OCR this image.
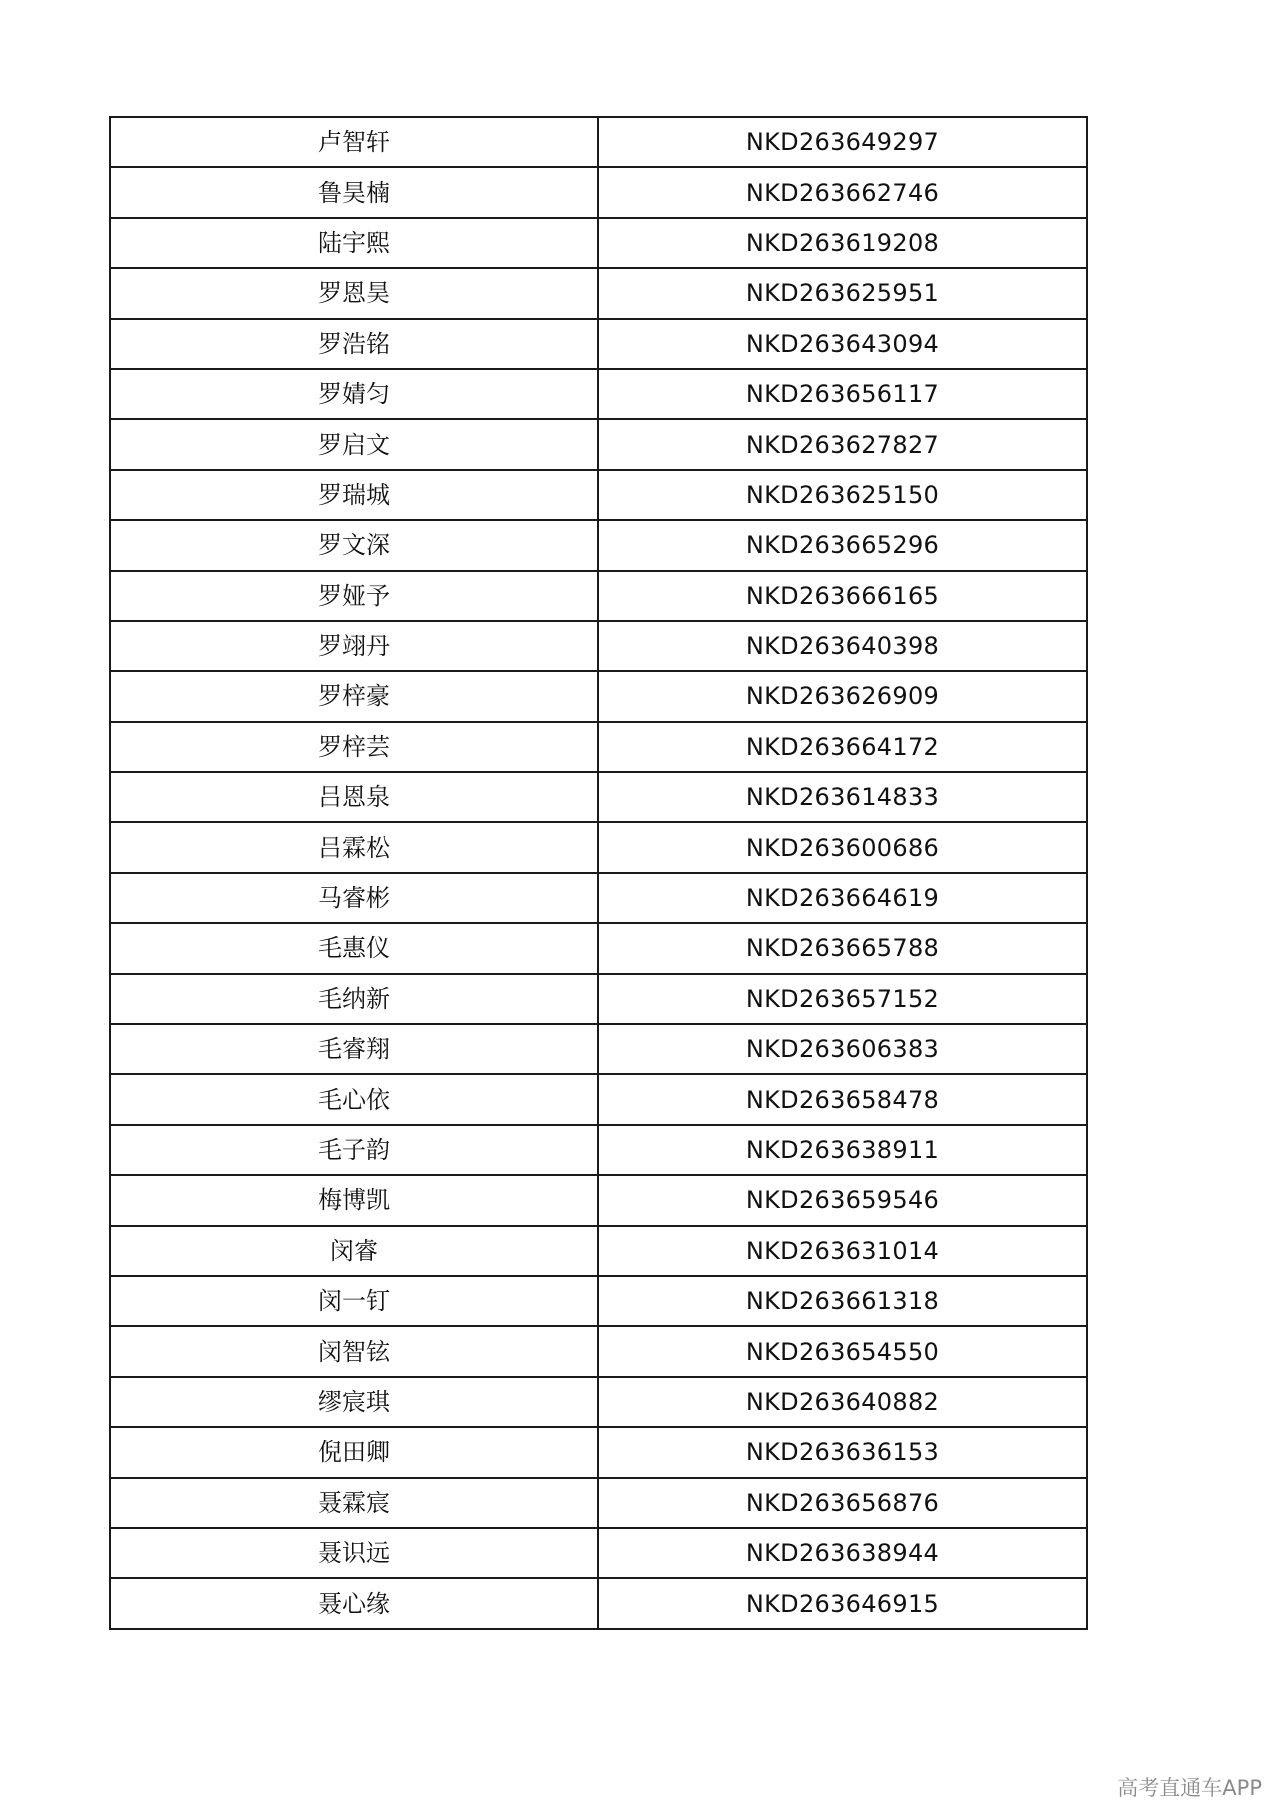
卢智轩	NKD263649297
鲁昊楠	NKD263662746
陆宇熙	NKD263619208
罗恩昊	NKD263625951
罗浩铭	NKD263643094
罗婧匀	NKD263656117
罗启文	NKD263627827
罗瑞城	NKD263625150
罗文深	NKD263665296
罗娅予	NKD263666165
罗翊丹	NKD263640398
罗梓豪	NKD263626909
罗梓芸	NKD263664172
吕恩泉	NKD263614833
吕霖松	NKD263600686
马睿彬	NKD263664619
毛惠仪	NKD263665788
毛纳新	NKD263657152
毛睿翔	NKD263606383
毛心依	NKD263658478
毛子韵	NKD263638911
梅博凯	NKD263659546
闵睿	NKD263631014
闵一钉	NKD263661318
闵智铉	NKD263654550
缪宸琪	NKD263640882
倪田卿	NKD263636153
聂霖宸	NKD263656876
聂识远	NKD263638944
聂心缘	NKD263646915
高考直通车APP
